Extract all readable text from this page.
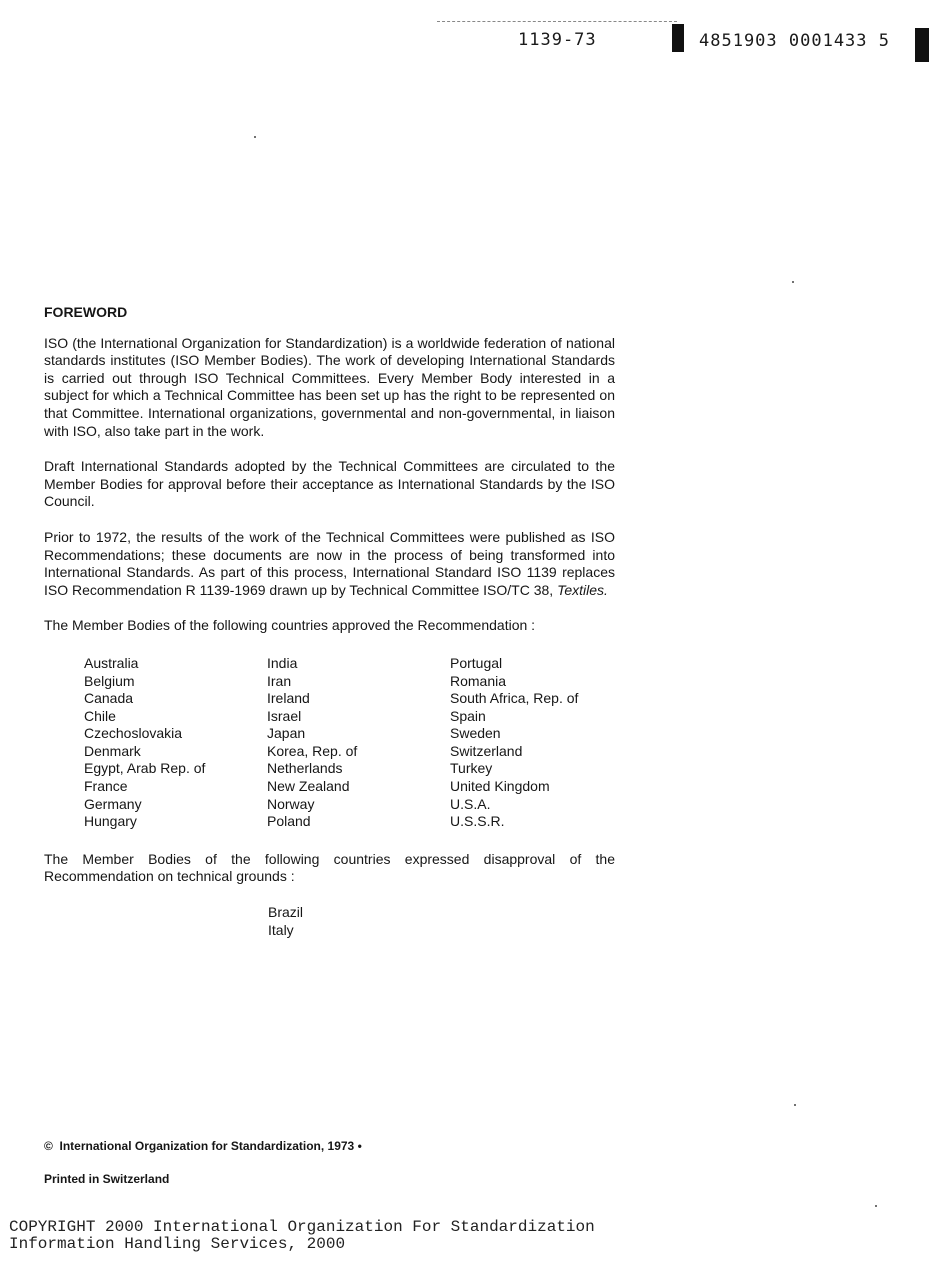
1139-73	4851903 0001433 5
FOREWORD

ISO (the International Organization for Standardization) is a worldwide federation of national standards institutes (ISO Member Bodies). The work of developing International Standards is carried out through ISO Technical Committees. Every Member Body interested in a subject for which a Technical Committee has been set up has the right to be represented on that Committee. International organizations, governmental and non-governmental, in liaison with ISO, also take part in the work.

Draft International Standards adopted by the Technical Committees are circulated to the Member Bodies for approval before their acceptance as International Standards by the ISO Council.

Prior to 1972, the results of the work of the Technical Committees were published as ISO Recommendations; these documents are now in the process of being transformed into International Standards. As part of this process, International Standard ISO 1139 replaces ISO Recommendation R 1139-1969 drawn up by Technical Committee ISO/TC 38, Textiles.

The Member Bodies of the following countries approved the Recommendation :

Australia
Belgium
Canada
Chile
Czechoslovakia
Denmark
Egypt, Arab Rep. of
France
Germany
Hungary
India
Iran
Ireland
Israel
Japan
Korea, Rep. of
Netherlands
New Zealand
Norway
Poland
Portugal
Romania
South Africa, Rep. of
Spain
Sweden
Switzerland
Turkey
United Kingdom
U.S.A.
U.S.S.R.

The Member Bodies of the following countries expressed disapproval of the Recommendation on technical grounds :

Brazil
Italy
© International Organization for Standardization, 1973 •
Printed in Switzerland
COPYRIGHT 2000 International Organization For Standardization
Information Handling Services, 2000
